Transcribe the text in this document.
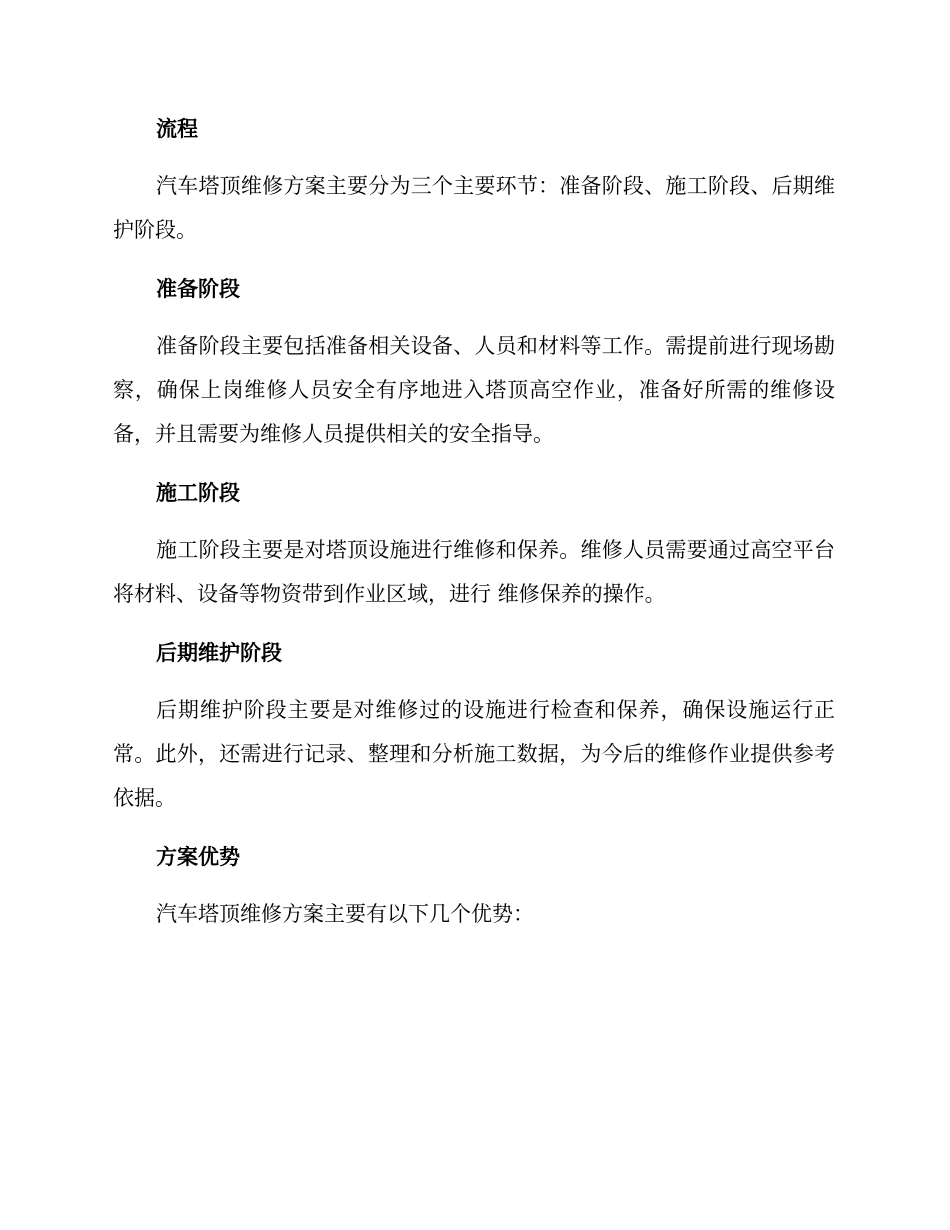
流程

汽车塔顶维修方案主要分为三个主要环节：准备阶段、施工阶段、后期维护阶段。

准备阶段

准备阶段主要包括准备相关设备、人员和材料等工作。需提前进行现场勘察，确保上岗维修人员安全有序地进入塔顶高空作业，准备好所需的维修设备，并且需要为维修人员提供相关的安全指导。

施工阶段

施工阶段主要是对塔顶设施进行维修和保养。维修人员需要通过高空平台将材料、设备等物资带到作业区域，进行 维修保养的操作。

后期维护阶段

后期维护阶段主要是对维修过的设施进行检查和保养，确保设施运行正常。此外，还需进行记录、整理和分析施工数据，为今后的维修作业提供参考依据。

方案优势

汽车塔顶维修方案主要有以下几个优势：
